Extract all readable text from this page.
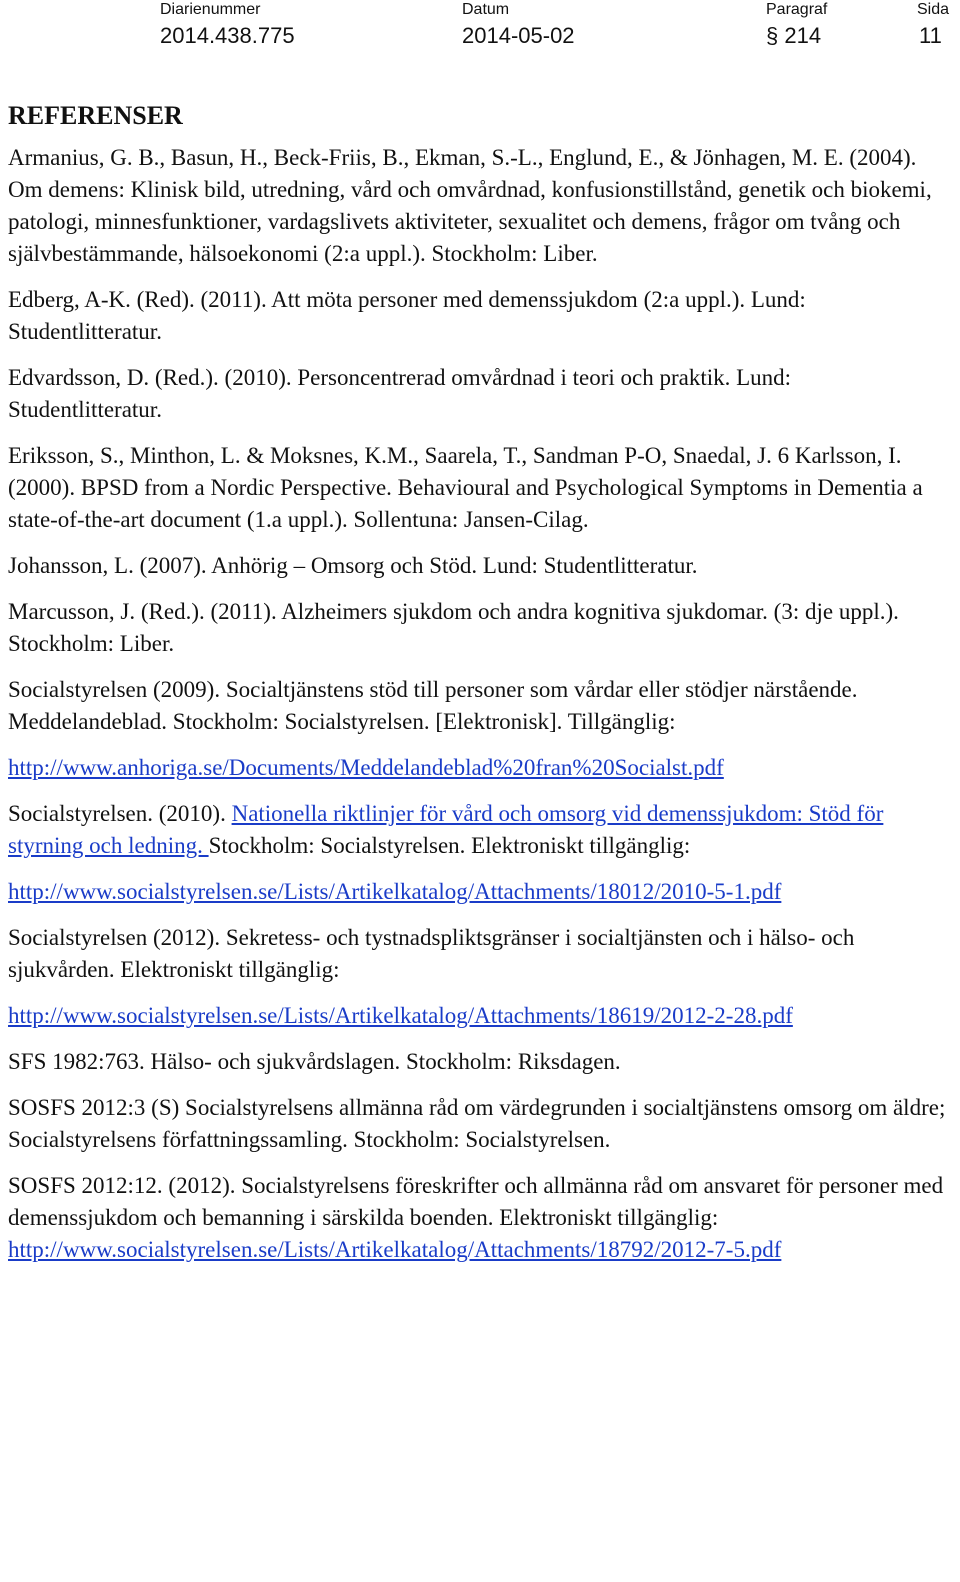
Diarienummer
2014.438.775
Datum
2014-05-02
Paragraf
§ 214
Sida
11
REFERENSER

Armanius, G. B., Basun, H., Beck-Friis, B., Ekman, S.-L., Englund, E., & Jönhagen, M. E. (2004). Om demens: Klinisk bild, utredning, vård och omvårdnad, konfusionstillstånd, genetik och biokemi, patologi, minnesfunktioner, vardagslivets aktiviteter, sexualitet och demens, frågor om tvång och självbestämmande, hälsoekonomi (2:a uppl.). Stockholm: Liber.

Edberg, A-K. (Red). (2011). Att möta personer med demenssjukdom (2:a uppl.). Lund: Studentlitteratur.

Edvardsson, D. (Red.). (2010). Personcentrerad omvårdnad i teori och praktik. Lund: Studentlitteratur.

Eriksson, S., Minthon, L. & Moksnes, K.M., Saarela, T., Sandman P-O, Snaedal, J. 6 Karlsson, I. (2000). BPSD from a Nordic Perspective. Behavioural and Psychological Symptoms in Dementia a state-of-the-art document (1.a uppl.). Sollentuna: Jansen-Cilag.

Johansson, L. (2007). Anhörig – Omsorg och Stöd. Lund: Studentlitteratur.

Marcusson, J. (Red.). (2011). Alzheimers sjukdom och andra kognitiva sjukdomar. (3: dje uppl.). Stockholm: Liber.

Socialstyrelsen (2009). Socialtjänstens stöd till personer som vårdar eller stödjer närstående. Meddelandeblad. Stockholm: Socialstyrelsen. [Elektronisk]. Tillgänglig:
http://www.anhoriga.se/Documents/Meddelandeblad%20fran%20Socialst.pdf

Socialstyrelsen. (2010). Nationella riktlinjer för vård och omsorg vid demenssjukdom: Stöd för styrning och ledning. Stockholm: Socialstyrelsen. Elektroniskt tillgänglig:
http://www.socialstyrelsen.se/Lists/Artikelkatalog/Attachments/18012/2010-5-1.pdf

Socialstyrelsen (2012). Sekretess- och tystnadspliktsgränser i socialtjänsten och i hälso- och sjukvården. Elektroniskt tillgänglig:
http://www.socialstyrelsen.se/Lists/Artikelkatalog/Attachments/18619/2012-2-28.pdf

SFS 1982:763. Hälso- och sjukvårdslagen. Stockholm: Riksdagen.

SOSFS 2012:3 (S) Socialstyrelsens allmänna råd om värdegrunden i socialtjänstens omsorg om äldre; Socialstyrelsens författningssamling. Stockholm: Socialstyrelsen.

SOSFS 2012:12. (2012). Socialstyrelsens föreskrifter och allmänna råd om ansvaret för personer med demenssjukdom och bemanning i särskilda boenden. Elektroniskt tillgänglig:
http://www.socialstyrelsen.se/Lists/Artikelkatalog/Attachments/18792/2012-7-5.pdf
